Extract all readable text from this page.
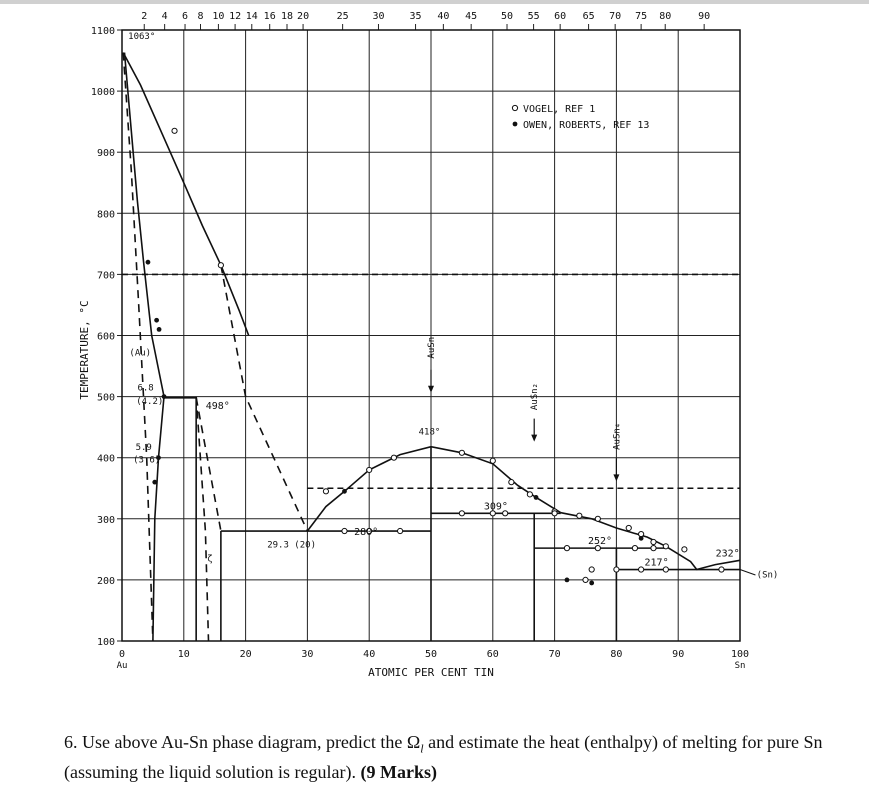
TEMPERATURE, °C
ATOMIC PER CENT TIN
100
200
300
400
500
600
700
800
900
1000
1100
0	10	20	30	40	50	60	70	80	90	100
Au	Sn
2 4 6 8 10 12 14 16 18 20	25 30	35 40 45 50 55 60 65 70 75 80	90
498°
280°
309°
252°
217°
232°
AuSn
AuSn₂
AuSn₄
1063°
(Au)
6.8
(4.2)
5.9
(3.6)
ζ
29.3 (20)
418°
(Sn)
VOGEL, REF 1
OWEN, ROBERTS, REF 13
6. Use above Au-Sn phase diagram, predict the $\Omega_l$ and estimate the heat (enthalpy) of melting for pure Sn (assuming the liquid solution is regular). (9 Marks)
